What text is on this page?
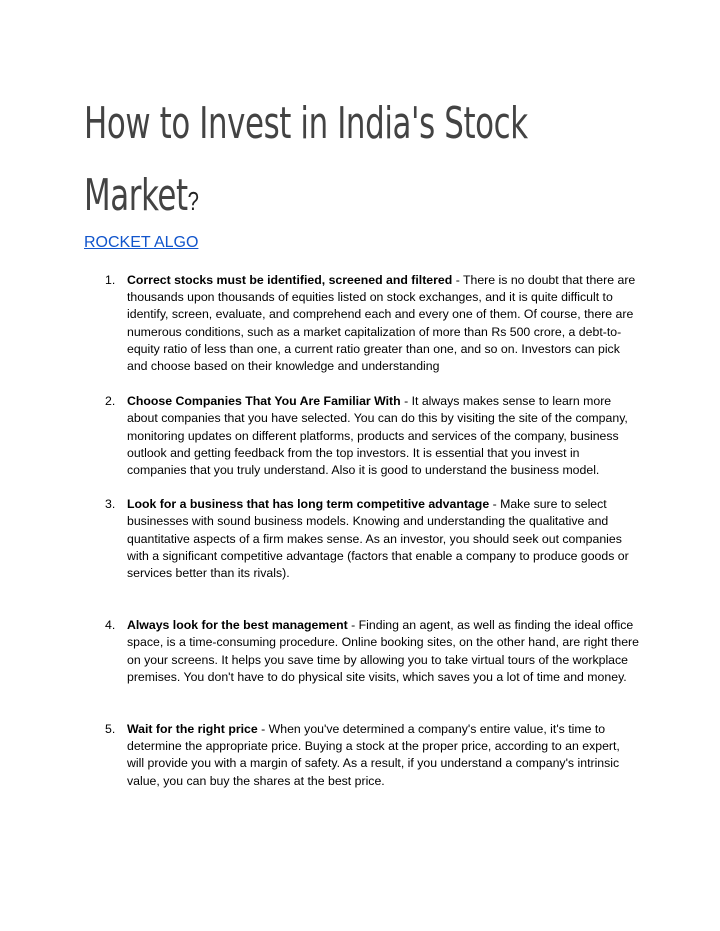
How to Invest in India's Stock
Market?
ROCKET ALGO
1. Correct stocks must be identified, screened and filtered - There is no doubt that there are thousands upon thousands of equities listed on stock exchanges, and it is quite difficult to identify, screen, evaluate, and comprehend each and every one of them. Of course, there are numerous conditions, such as a market capitalization of more than Rs 500 crore, a debt-to-equity ratio of less than one, a current ratio greater than one, and so on. Investors can pick and choose based on their knowledge and understanding
2. Choose Companies That You Are Familiar With - It always makes sense to learn more about companies that you have selected. You can do this by visiting the site of the company, monitoring updates on different platforms, products and services of the company, business outlook and getting feedback from the top investors. It is essential that you invest in companies that you truly understand. Also it is good to understand the business model.
3. Look for a business that has long term competitive advantage - Make sure to select businesses with sound business models. Knowing and understanding the qualitative and quantitative aspects of a firm makes sense. As an investor, you should seek out companies with a significant competitive advantage (factors that enable a company to produce goods or services better than its rivals).
4. Always look for the best management - Finding an agent, as well as finding the ideal office space, is a time-consuming procedure. Online booking sites, on the other hand, are right there on your screens. It helps you save time by allowing you to take virtual tours of the workplace premises. You don't have to do physical site visits, which saves you a lot of time and money.
5. Wait for the right price - When you've determined a company's entire value, it's time to determine the appropriate price. Buying a stock at the proper price, according to an expert, will provide you with a margin of safety. As a result, if you understand a company's intrinsic value, you can buy the shares at the best price.
